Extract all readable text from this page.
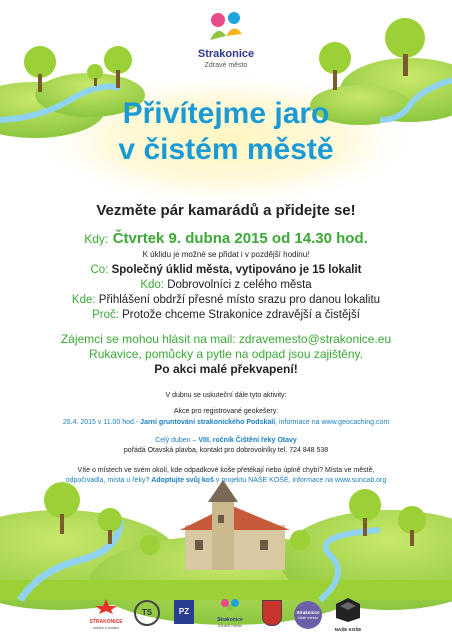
Strakonice
Zdravé město
Přivítejme jaro
v čistém městě
Vezměte pár kamarádů a přidejte se!
Kdy: Čtvrtek 9. dubna 2015 od 14.30 hod.
K úklidu je možné se přidat i v pozdější hodinu!
Co: Společný úklid města, vytipováno je 15 lokalit
Kdo: Dobrovolníci z celého města
Kde: Přihlášení obdrží přesné místo srazu pro danou lokalitu
Proč: Protože chceme Strakonice zdravější a čistější
Zájemci se mohou hlásit na mail: zdravemesto@strakonice.eu
Rukavice, pomůcky a pytle na odpad jsou zajištěny.
Po akci malé překvapení!
V dubnu se uskuteční dále tyto aktivity:
Akce pro registrované geokešery:
25.4. 2015 v 11.00 hod.- Jarní gruntování strakonického Podskalí, informace na www.geocaching.com
Celý duben – VIII. ročník Čištění řeky Otavy
pořádá Otavská plavba, kontakt pro dobrovolníky tel. 724 848 538
Víte o místech ve svém okolí, kde odpadkové koše přetékají nebo úplně chybí? Místa ve městě,
odpočívadla, místa u řeky? Adoptujte svůj koš v projektu NAŠE KOŠE, informace na www.suncab.org
STRAKONICE
město s tradicí
TS	PZ
Strakonice
Zdravé město
Strakonice
čisté město
NAŠE KOŠE
